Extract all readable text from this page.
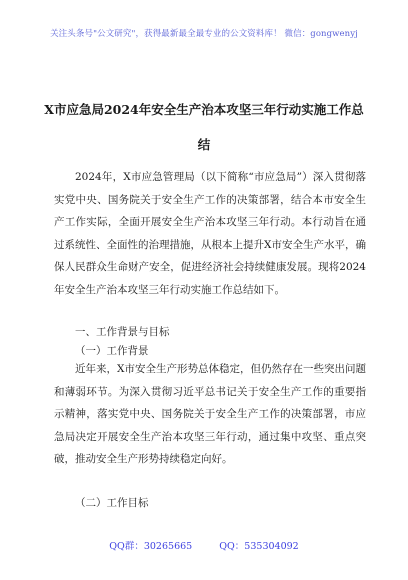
关注头条号"公文研究"，获得最新最全最专业的公文资料库！ 微信：gongwenyj
X市应急局2024年安全生产治本攻坚三年行动实施工作总
结

2024年，X市应急管理局（以下简称“市应急局”）深入贯彻落实党中央、国务院关于安全生产工作的决策部署，结合本市安全生产工作实际，全面开展安全生产治本攻坚三年行动。本行动旨在通过系统性、全面性的治理措施，从根本上提升X市安全生产水平，确保人民群众生命财产安全，促进经济社会持续健康发展。现将2024年安全生产治本攻坚三年行动实施工作总结如下。

一、工作背景与目标
（一）工作背景

近年来，X市安全生产形势总体稳定，但仍然存在一些突出问题和薄弱环节。为深入贯彻习近平总书记关于安全生产工作的重要指示精神，落实党中央、国务院关于安全生产工作的决策部署，市应急局决定开展安全生产治本攻坚三年行动，通过集中攻坚、重点突破，推动安全生产形势持续稳定向好。

（二）工作目标
QQ群：30265665	QQ：535304092
